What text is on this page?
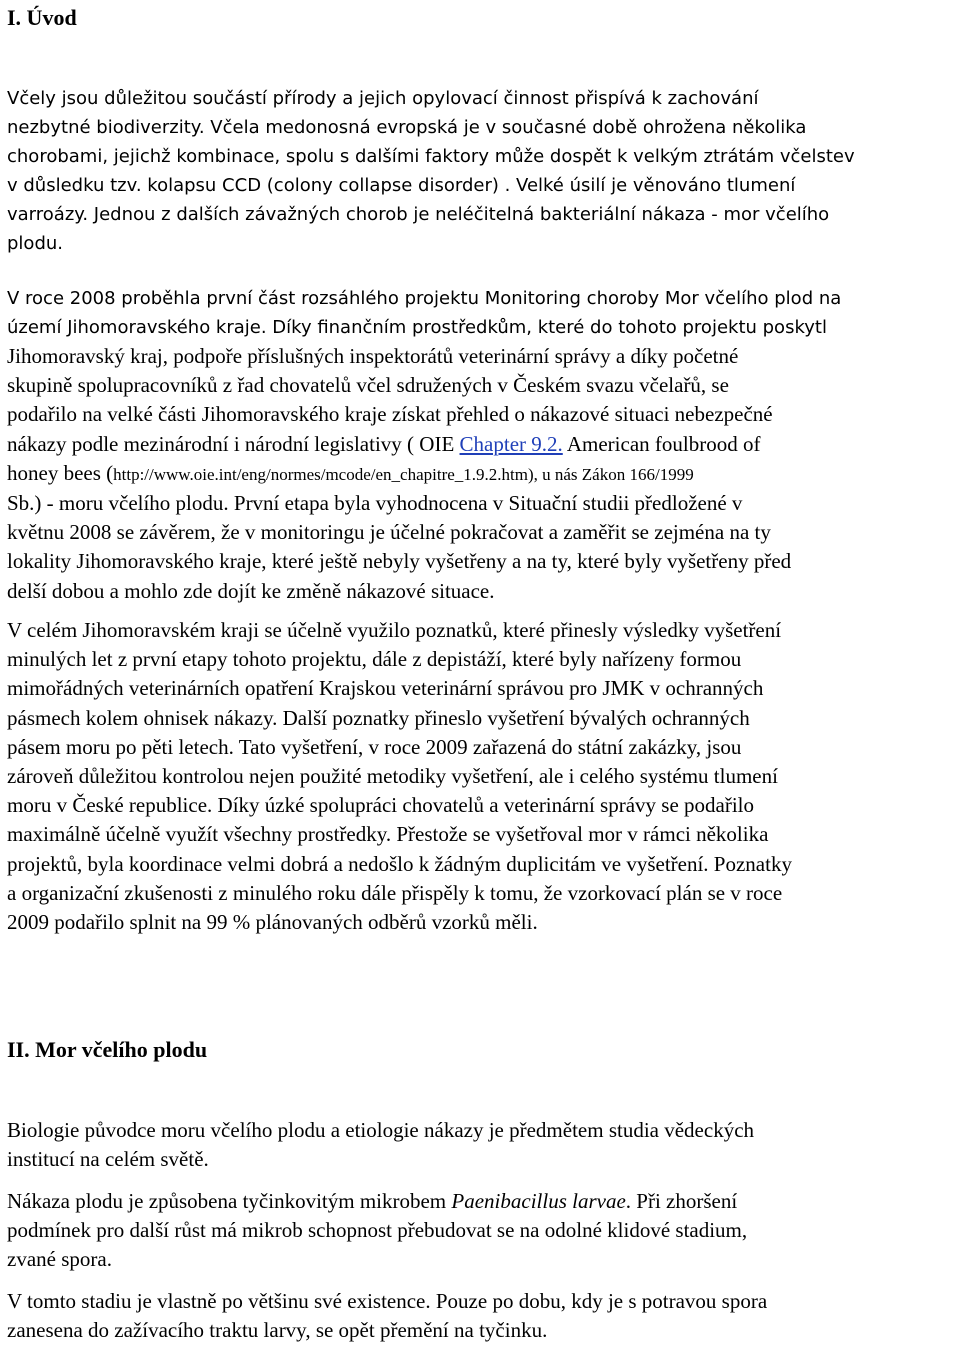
I. Úvod
Včely jsou důležitou součástí přírody a jejich opylovací činnost přispívá k zachování
nezbytné biodiverzity. Včela medonosná evropská je v současné době ohrožena několika
chorobami, jejichž kombinace, spolu s dalšími faktory může dospět k velkým ztrátám včelstev
v důsledku tzv. kolapsu CCD (colony collapse disorder) . Velké úsilí je věnováno tlumení
varroázy. Jednou z dalších závažných chorob je neléčitelná bakteriální nákaza - mor včelího
plodu.
V roce 2008 proběhla první část rozsáhlého projektu Monitoring choroby Mor včelího plod na
území Jihomoravského kraje. Díky finančním prostředkům, které do tohoto projektu poskytl
Jihomoravský kraj, podpoře příslušných inspektorátů veterinární správy a díky početné
skupině spolupracovníků z řad chovatelů včel sdružených v Českém svazu včelařů, se
podařilo na velké části Jihomoravského kraje získat přehled o nákazové situaci nebezpečné
nákazy podle mezinárodní i národní legislativy ( OIE Chapter 9.2. American foulbrood of
honey bees (http://www.oie.int/eng/normes/mcode/en_chapitre_1.9.2.htm), u nás Zákon 166/1999
Sb.) - moru včelího plodu. První etapa byla vyhodnocena v Situační studii předložené v
květnu 2008 se závěrem, že v monitoringu je účelné pokračovat a zaměřit se zejména na ty
lokality Jihomoravského kraje, které ještě nebyly vyšetřeny a na ty, které byly vyšetřeny před
delší dobou a mohlo zde dojít ke změně nákazové situace.
V celém Jihomoravském kraji se účelně využilo poznatků, které přinesly výsledky vyšetření
minulých let z první etapy tohoto projektu, dále z depistáží, které byly nařízeny formou
mimořádných veterinárních opatření Krajskou veterinární správou pro JMK v ochranných
pásmech kolem ohnisek nákazy. Další poznatky přineslo vyšetření bývalých ochranných
pásem moru po pěti letech. Tato vyšetření, v roce 2009 zařazená do státní zakázky, jsou
zároveň důležitou kontrolou nejen použité metodiky vyšetření, ale i celého systému tlumení
moru v České republice. Díky úzké spolupráci chovatelů a veterinární správy se podařilo
maximálně účelně využít všechny prostředky. Přestože se vyšetřoval mor v rámci několika
projektů, byla koordinace velmi dobrá a nedošlo k žádným duplicitám ve vyšetření. Poznatky
a organizační zkušenosti z minulého roku dále přispěly k tomu, že vzorkovací plán se v roce
2009 podařilo splnit na 99 % plánovaných odběrů vzorků měli.
II. Mor včelího plodu
Biologie původce moru včelího plodu a etiologie nákazy je předmětem studia vědeckých
institucí na celém světě.
Nákaza plodu je způsobena tyčinkovitým mikrobem Paenibacillus larvae. Při zhoršení
podmínek pro další růst má mikrob schopnost přebudovat se na odolné klidové stadium,
zvané spora.
V tomto stadiu je vlastně po většinu své existence. Pouze po dobu, kdy je s potravou spora
zanesena do zažívacího traktu larvy, se opět přemění na tyčinku.
